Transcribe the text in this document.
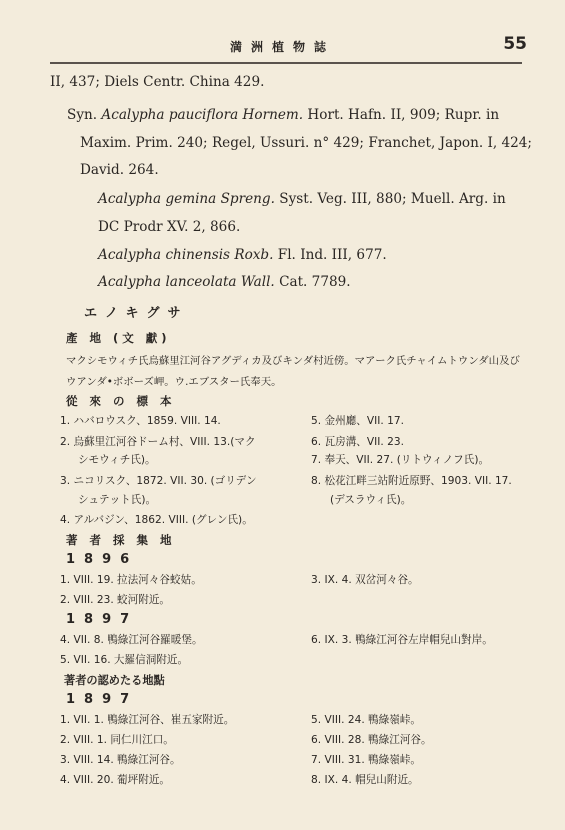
満洲植物誌	55
II, 437; Diels Centr. China 429.
Syn. Acalypha pauciflora Hornem. Hort. Hafn. II, 909; Rupr. in
Maxim. Prim. 240; Regel, Ussuri. n° 429; Franchet, Japon. I, 424;
David. 264.
Acalypha gemina Spreng. Syst. Veg. III, 880; Muell. Arg. in
DC Prodr XV. 2, 866.
Acalypha chinensis Roxb. Fl. Ind. III, 677.
Acalypha lanceolata Wall. Cat. 7789.
エノキグサ
產 地 (文 獻)
マクシモウィチ氏烏蘇里江河谷アグディカ及びキンダ村近傍。マアーク氏チャイムトウンダ山及び
ウアンダ•ボボーズ岬。ウ.エブスター氏奉天。
從 來 の 標 本
1. ハバロウスク、1859. VIII. 14.
2. 烏蘇里江河谷ドーム村、VIII. 13.(マク
シモウィチ氏)。
3. ニコリスク、1872. VII. 30. (ゴリデン
シュテット氏)。
4. アルバジン、1862. VIII. (グレン氏)。
5. 金州廳、VII. 17.
6. 瓦房溝、VII. 23.
7. 奉天、VII. 27. (リトウィノフ氏)。
8. 松花江畔三站附近原野、1903. VII. 17.
(デスラウィ氏)。
著 者 採 集 地
1896
1. VIII. 19. 拉法河々谷蛟姑。
2. VIII. 23. 蛟河附近。
3. IX. 4. 双岔河々谷。
1897
4. VII. 8. 鴨綠江河谷羅暖堡。
5. VII. 16. 大羅信洞附近。
6. IX. 3. 鴨綠江河谷左岸帽兒山對岸。
著者の認めたる地點
1897
1. VII. 1. 鴨綠江河谷、崔五家附近。
2. VIII. 1. 同仁川江口。
3. VIII. 14. 鴨綠江河谷。
4. VIII. 20. 葡坪附近。
5. VIII. 24. 鴨綠嶺峠。
6. VIII. 28. 鴨綠江河谷。
7. VIII. 31. 鴨綠嶺峠。
8. IX. 4. 帽兒山附近。
